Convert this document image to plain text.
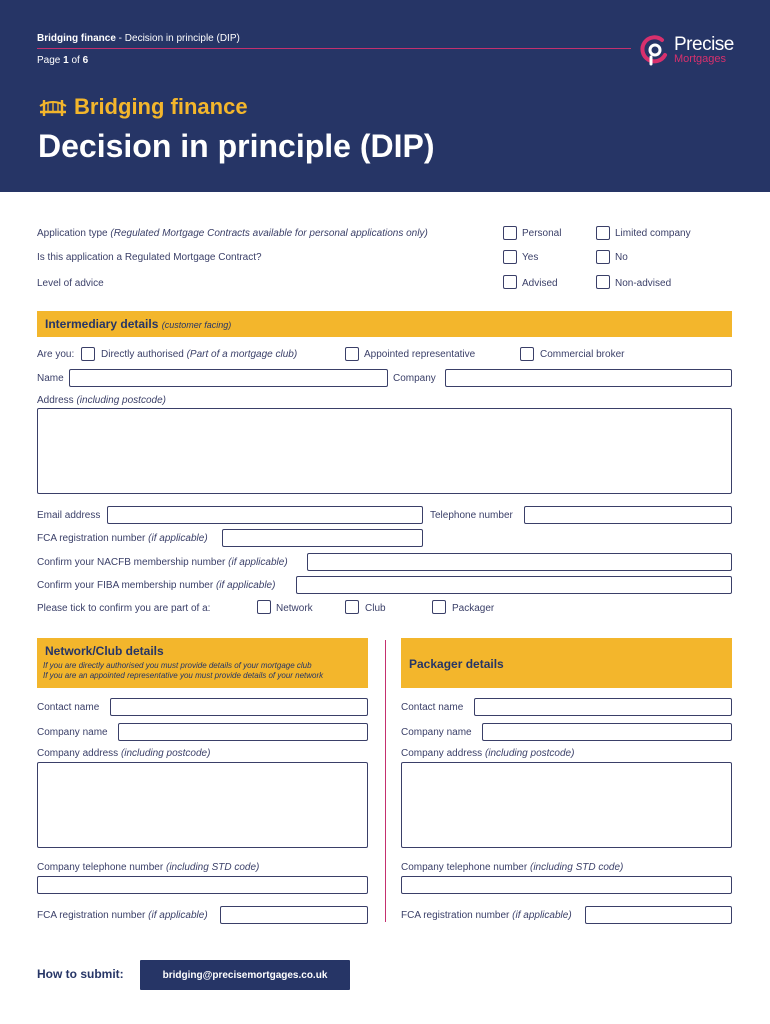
Bridging finance - Decision in principle (DIP)
Page 1 of 6
Precise
Mortgages
Bridging finance
Decision in principle (DIP)
Application type (Regulated Mortgage Contracts available for personal applications only)	Personal	Limited company
Is this application a Regulated Mortgage Contract?	Yes	No
Level of advice	Advised	Non-advised
Intermediary details (customer facing)
Are you:	Directly authorised (Part of a mortgage club)	Appointed representative	Commercial broker
Name	Company
Address (including postcode)
Email address	Telephone number
FCA registration number (if applicable)
Confirm your NACFB membership number (if applicable)
Confirm your FIBA membership number (if applicable)
Please tick to confirm you are part of a:	Network	Club	Packager
Network/Club details
If you are directly authorised you must provide details of your mortgage club
If you are an appointed representative you must provide details of your network
Contact name
Company name
Company address (including postcode)
Company telephone number (including STD code)
FCA registration number (if applicable)
Packager details
Contact name
Company name
Company address (including postcode)
Company telephone number (including STD code)
FCA registration number (if applicable)
How to submit:	bridging@precisemortgages.co.uk
